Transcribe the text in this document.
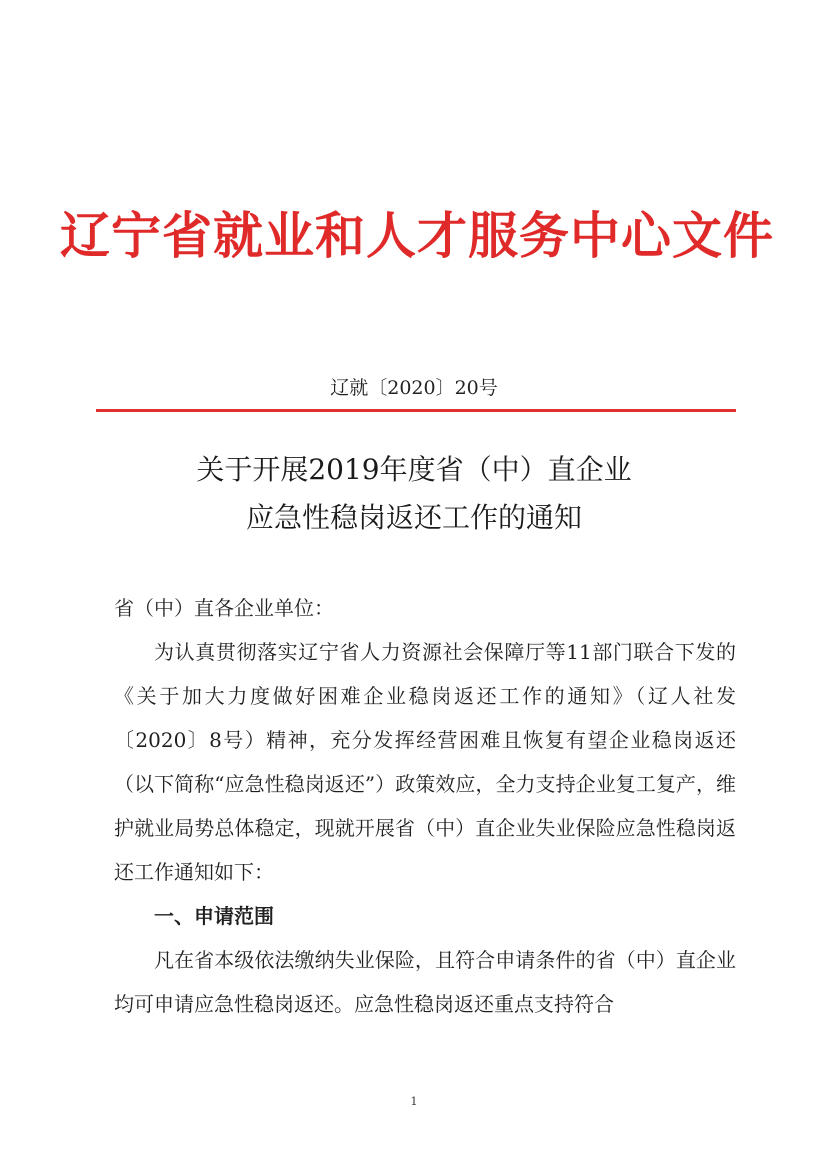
辽宁省就业和人才服务中心文件
辽就〔2020〕20号
关于开展2019年度省（中）直企业
应急性稳岗返还工作的通知

省（中）直各企业单位：

为认真贯彻落实辽宁省人力资源社会保障厅等11部门联合下发的《关于加大力度做好困难企业稳岗返还工作的通知》（辽人社发〔2020〕8号）精神，充分发挥经营困难且恢复有望企业稳岗返还（以下简称“应急性稳岗返还”）政策效应，全力支持企业复工复产，维护就业局势总体稳定，现就开展省（中）直企业失业保险应急性稳岗返还工作通知如下：

一、申请范围

凡在省本级依法缴纳失业保险，且符合申请条件的省（中）直企业均可申请应急性稳岗返还。应急性稳岗返还重点支持符合

1
